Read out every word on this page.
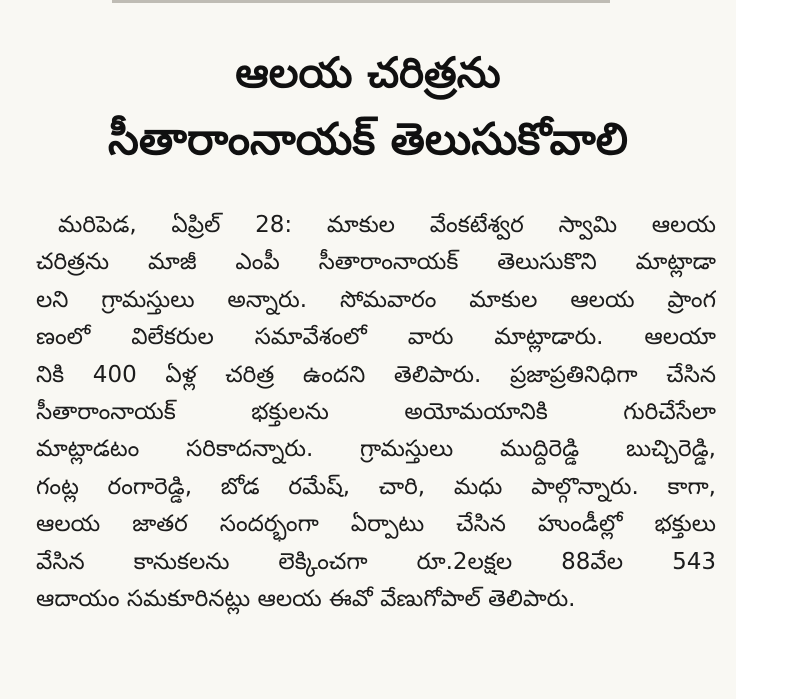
ఆలయ చరిత్రను
సీతారాంనాయక్ తెలుసుకోవాలి
మరిపెడ, ఏప్రిల్ 28: మాకుల వేంకటేశ్వర స్వామి ఆలయ
చరిత్రను మాజీ ఎంపీ సీతారాంనాయక్ తెలుసుకొని మాట్లాడా
లని గ్రామస్తులు అన్నారు. సోమవారం మాకుల ఆలయ ప్రాంగ
ణంలో విలేకరుల సమావేశంలో వారు మాట్లాడారు. ఆలయా
నికి 400 ఏళ్ల చరిత్ర ఉందని తెలిపారు. ప్రజాప్రతినిధిగా చేసిన
సీతారాంనాయక్ భక్తులను అయోమయానికి గురిచేసేలా
మాట్లాడటం సరికాదన్నారు. గ్రామస్తులు ముద్దిరెడ్డి బుచ్చిరెడ్డి,
గంట్ల రంగారెడ్డి, బోడ రమేష్, చారి, మధు పాల్గొన్నారు. కాగా,
ఆలయ జాతర సందర్భంగా ఏర్పాటు చేసిన హుండీల్లో భక్తులు
వేసిన కానుకలను లెక్కించగా రూ.2లక్షల 88వేల 543
ఆదాయం సమకూరినట్లు ఆలయ ఈవో వేణుగోపాల్ తెలిపారు.
